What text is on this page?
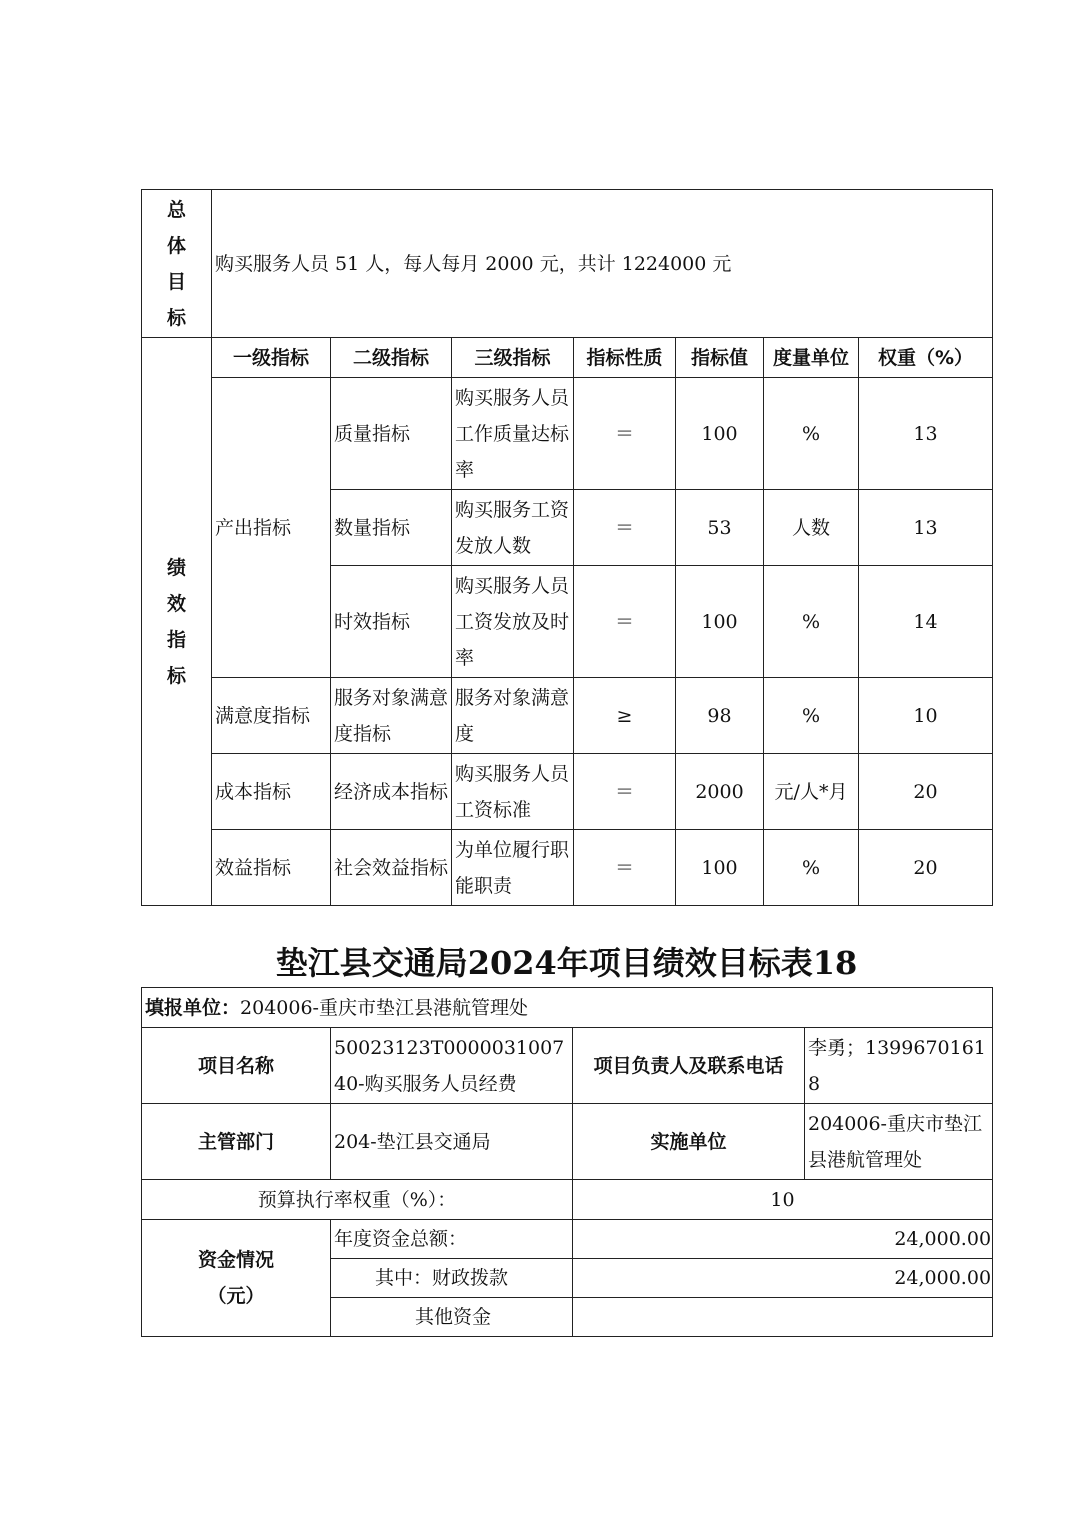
总
体
目
标	购买服务人员 51 人，每人每月 2000 元，共计 1224000 元						

绩
效
指
标	一级指标	二级指标	三级指标	指标性质	指标值	度量单位	权重（%）
	产出指标	质量指标	购买服务人员工作质量达标率	＝	100	%	13
		数量指标	购买服务工资发放人数	＝	53	人数	13
		时效指标	购买服务人员工资发放及时率	＝	100	%	14
	满意度指标	服务对象满意度指标	服务对象满意度	≥	98	%	10
	成本指标	经济成本指标	购买服务人员工资标准	＝	2000	元/人*月	20
	效益指标	社会效益指标	为单位履行职能职责	＝	100	%	20
垫江县交通局2024年项目绩效目标表18
填报单位：204006-重庆市垫江县港航管理处			
项目名称	50023123T000003100740-购买服务人员经费	项目负责人及联系电话	李勇；13996701618
主管部门	204-垫江县交通局	实施单位	204006-重庆市垫江县港航管理处
预算执行率权重（%）：		10	

资金情况
（元）	年度资金总额：	24,000.00	
	其中：财政拨款	24,000.00	
	其他资金		
